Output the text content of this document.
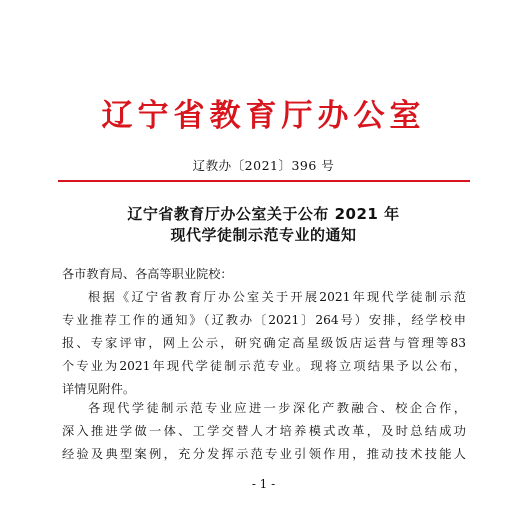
辽宁省教育厅办公室
辽教办〔2021〕396 号
辽宁省教育厅办公室关于公布 2021 年
现代学徒制示范专业的通知
各市教育局、各高等职业院校：
根据《辽宁省教育厅办公室关于开展2021年现代学徒制示范
专业推荐工作的通知》（辽教办〔2021〕264号）安排，经学校申
报、专家评审，网上公示，研究确定高星级饭店运营与管理等83
个专业为2021年现代学徒制示范专业。现将立项结果予以公布，
详情见附件。
各现代学徒制示范专业应进一步深化产教融合、校企合作，
深入推进学做一体、工学交替人才培养模式改革，及时总结成功
经验及典型案例，充分发挥示范专业引领作用，推动技术技能人
- 1 -
